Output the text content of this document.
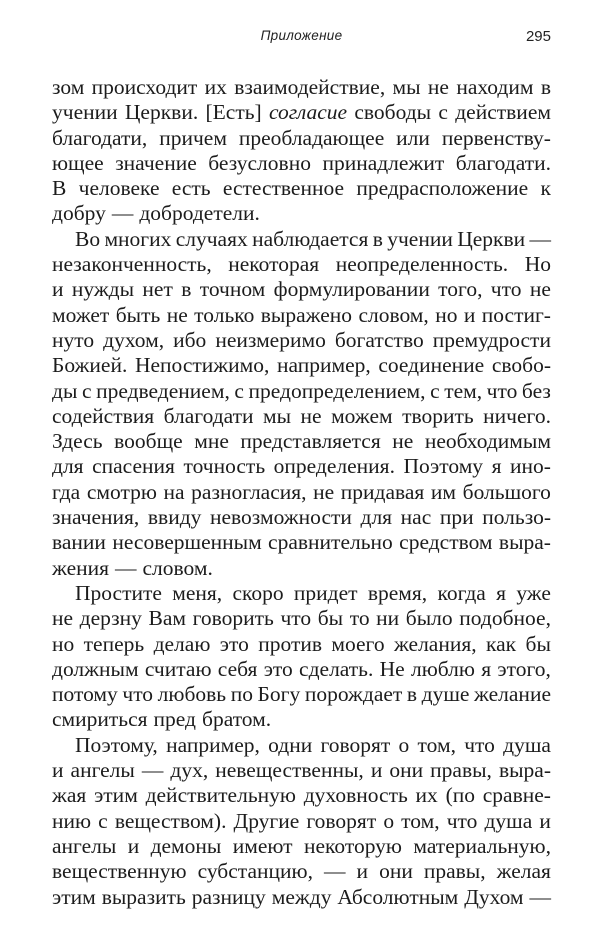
Приложение	295
зом происходит их взаимодействие, мы не находим в
учении Церкви. [Есть] согласие свободы с действием
благодати, причем преобладающее или первенству-
ющее значение безусловно принадлежит благодати.
В человеке есть естественное предрасположение к
добру — добродетели.
Во многих случаях наблюдается в учении Церкви —
незаконченность, некоторая неопределенность. Но
и нужды нет в точном формулировании того, что не
может быть не только выражено словом, но и постиг-
нуто духом, ибо неизмеримо богатство премудрости
Божией. Непостижимо, например, соединение свобо-
ды с предведением, с предопределением, с тем, что без
содействия благодати мы не можем творить ничего.
Здесь вообще мне представляется не необходимым
для спасения точность определения. Поэтому я ино-
гда смотрю на разногласия, не придавая им большого
значения, ввиду невозможности для нас при пользо-
вании несовершенным сравнительно средством выра-
жения — словом.
Простите меня, скоро придет время, когда я уже
не дерзну Вам говорить что бы то ни было подобное,
но теперь делаю это против моего желания, как бы
должным считаю себя это сделать. Не люблю я этого,
потому что любовь по Богу порождает в душе желание
смириться пред братом.
Поэтому, например, одни говорят о том, что душа
и ангелы — дух, невещественны, и они правы, выра-
жая этим действительную духовность их (по сравне-
нию с веществом). Другие говорят о том, что душа и
ангелы и демоны имеют некоторую материальную,
вещественную субстанцию, — и они правы, желая
этим выразить разницу между Абсолютным Духом —
